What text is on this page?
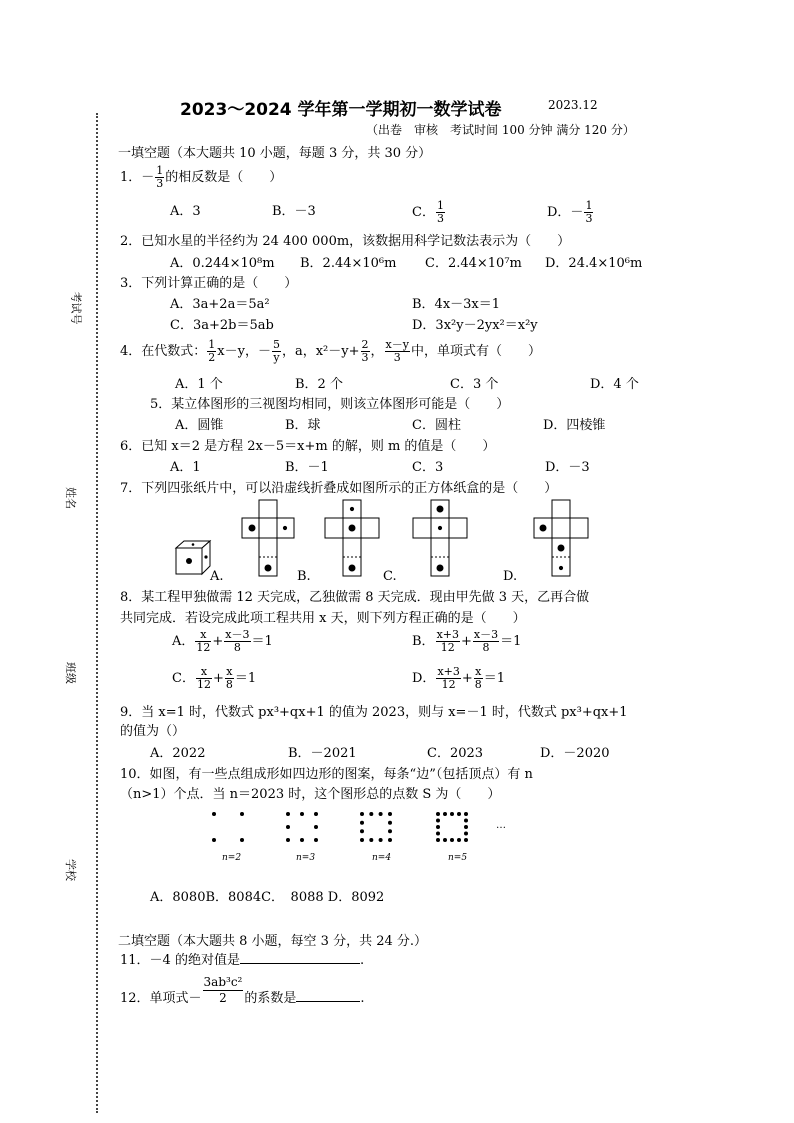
考试号
姓名
班级
学校
2023～2024 学年第一学期初一数学试卷	2023.12
（出卷　审核　考试时间 100 分钟 满分 120 分）
一填空题（本大题共 10 小题，每题 3 分，共 30 分）
1．－ $\frac{1}{3}$ 的相反数是（　　）
A．3	B．－3	C． $\frac{1}{3}$	D．－ $\frac{1}{3}$
2．已知水星的半径约为 24 400 000m，该数据用科学记数法表示为（　　）
A．0.244×10⁸m B．2.44×10⁶m C．2.44×10⁷m D．24.4×10⁶m
3．下列计算正确的是（　　）
A．3a+2a＝5a²	B．4x－3x＝1
C．3a+2b＝5ab	D．3x²y－2yx²＝x²y
4．在代数式： $\frac{1}{2} x-y$，－ $\frac{5}{y}$ ，a，$x^2-y+ \frac{2}{3}$ ， $\frac{x-y}{3}$ 中，单项式有（　　）
A．1 个	B．2 个	C．3 个	D．4 个
5．某立体图形的三视图均相同，则该立体图形可能是（　　）
A．圆锥	B．球	C．圆柱	D．四棱锥
6．已知 x＝2 是方程 2x－5＝x+m 的解，则 m 的值是（　　）
A．1	B．－1	C．3	D．－3
7．下列四张纸片中，可以沿虚线折叠成如图所示的正方体纸盒的是（　　）
A.	B.	C.	D.
8．某工程甲独做需 12 天完成，乙独做需 8 天完成．现由甲先做 3 天，乙再合做
共同完成．若设完成此项工程共用 x 天，则下列方程正确的是（　　）
A． $\frac{x}{12} + \frac{x-3}{8} =1$	B． $\frac{x+3}{12} + \frac{x-3}{8} =1$
C． $\frac{x}{12} + \frac{x}{8} =1$	D． $\frac{x+3}{12} + \frac{x}{8} =1$
9．当 x=1 时，代数式 px³+qx+1 的值为 2023，则与 x=－1 时，代数式 px³+qx+1
的值为（）
A．2022	B．－2021	C．2023	D．－2020
10．如图，有一些点组成形如四边形的图案，每条“边”（包括顶点）有 n
（n>1）个点．当 n＝2023 时，这个图形总的点数 S 为（　　）
…
n=2	n=3	n=4	n=5
A．8080B．8084C．　8088 D．8092
二填空题（本大题共 8 小题，每空 3 分，共 24 分.）
11．－4 的绝对值是	.
12．单项式－ $\frac{\text{3ab³c²}}{2}$ 的系数是	.
